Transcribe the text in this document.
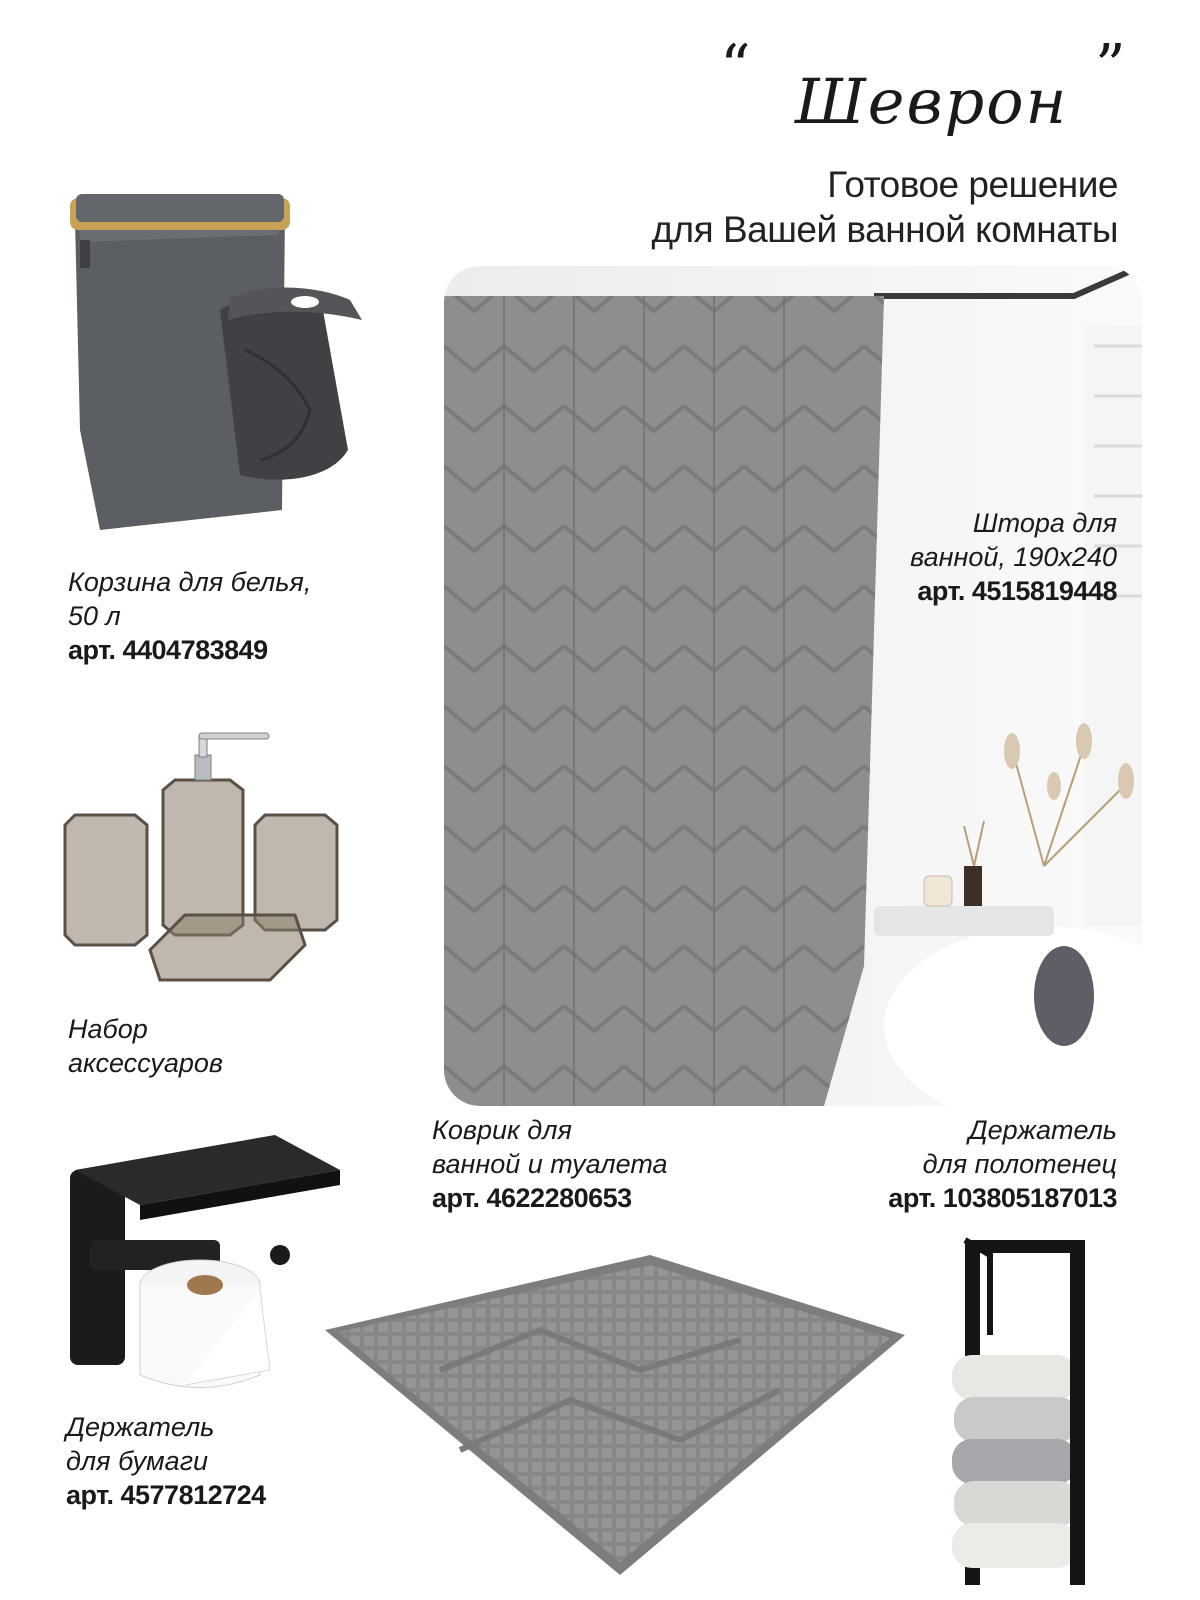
“	”
Шеврон
Готовое решение
для Вашей ванной комнаты
Корзина для белья,
50 л
арт. 4404783849
Набор
аксессуаров
Штора для
ванной, 190х240
арт. 4515819448
Коврик для
ванной и туалета
арт. 4622280653
Держатель
для полотенец
арт. 103805187013
Держатель
для бумаги
арт. 4577812724
